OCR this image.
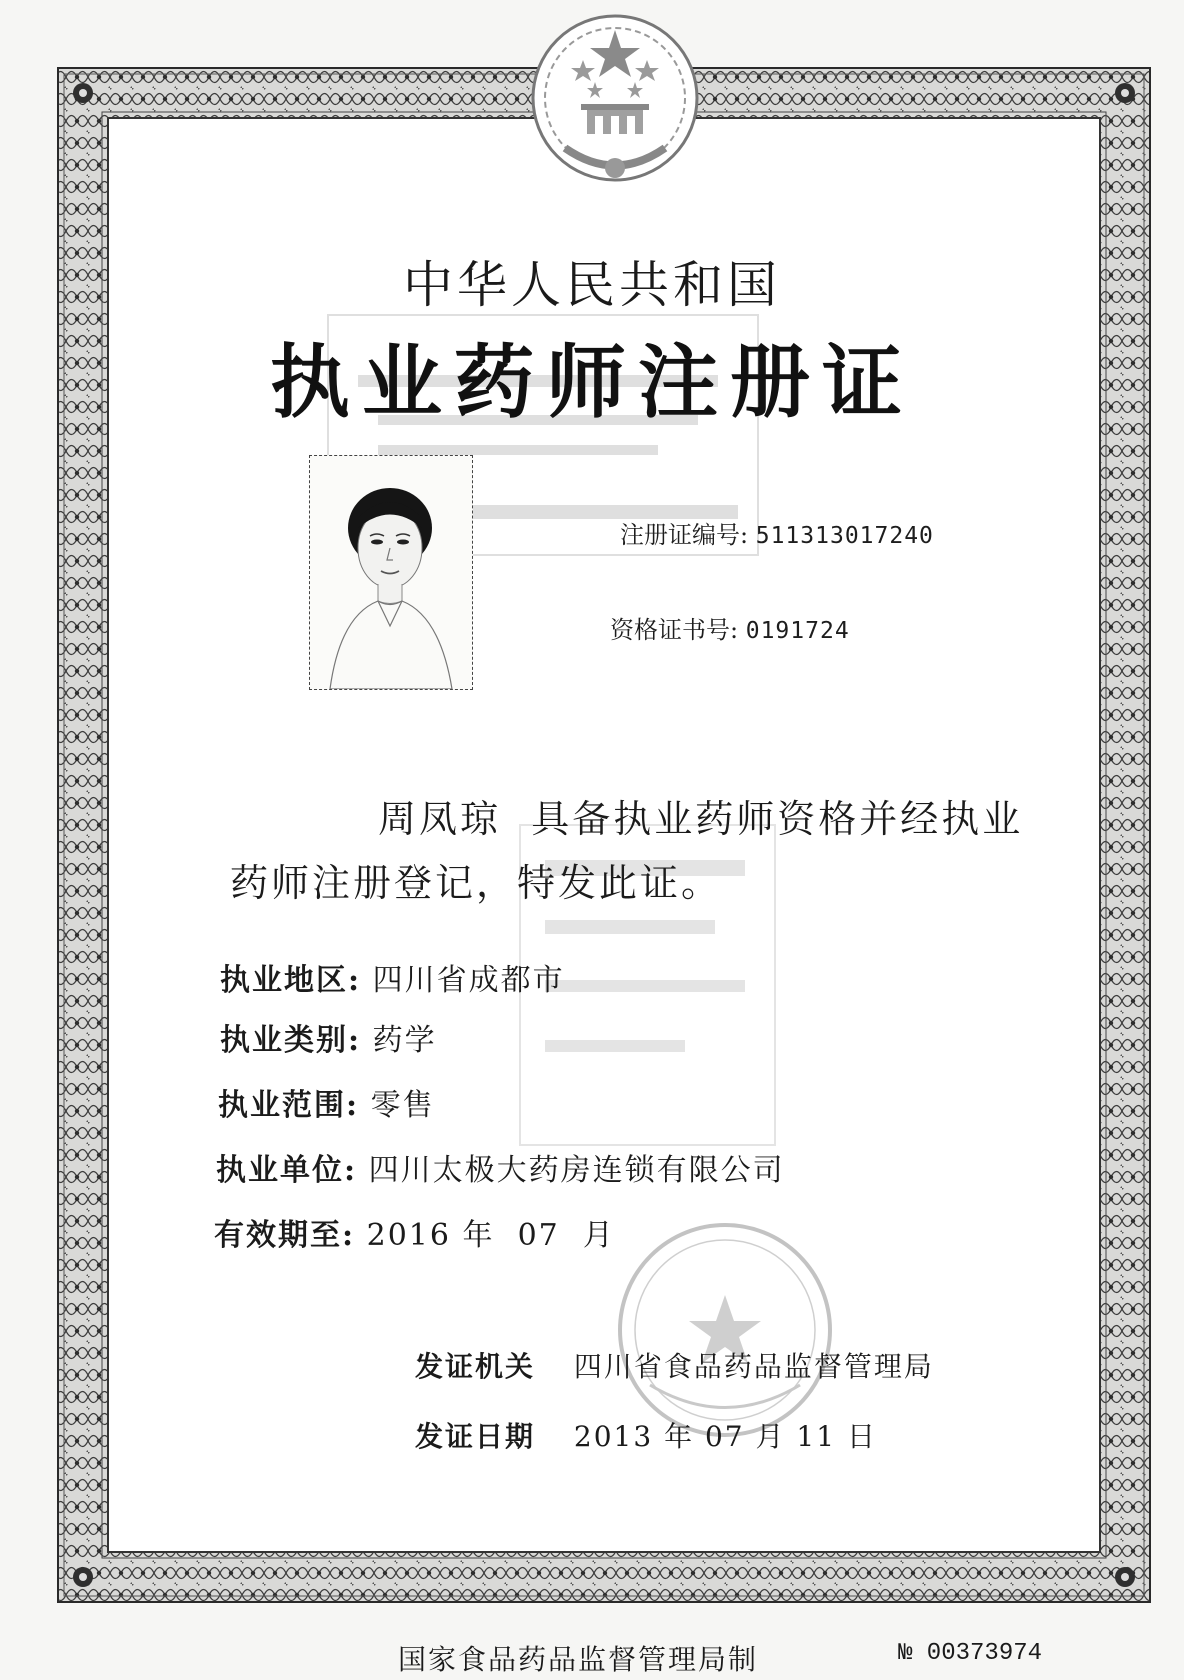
中华人民共和国
执业药师注册证
注册证编号: 511313017240
资格证书号: 0191724
周凤琼 具备执业药师资格并经执业
药师注册登记，特发此证。
执业地区: 四川省成都市
执业类别: 药学
执业范围: 零售
执业单位: 四川太极大药房连锁有限公司
有效期至: 2016 年  07  月
发证机关 四川省食品药品监督管理局
发证日期 2013 年 07 月 11 日
国家食品药品监督管理局制	№ 00373974
